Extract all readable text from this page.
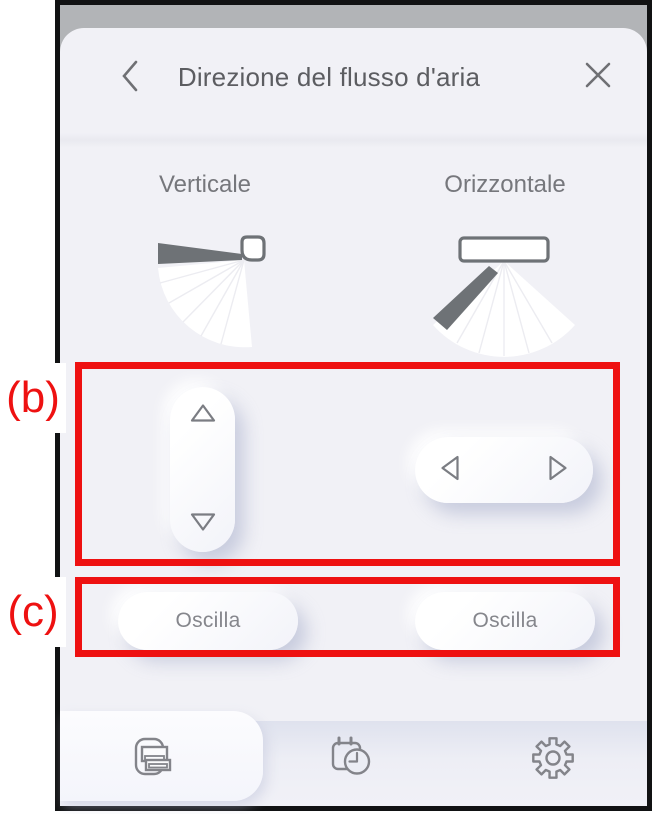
Direzione del flusso d'aria
Verticale	Orizzontale
Oscilla	Oscilla
(b)
(c)
